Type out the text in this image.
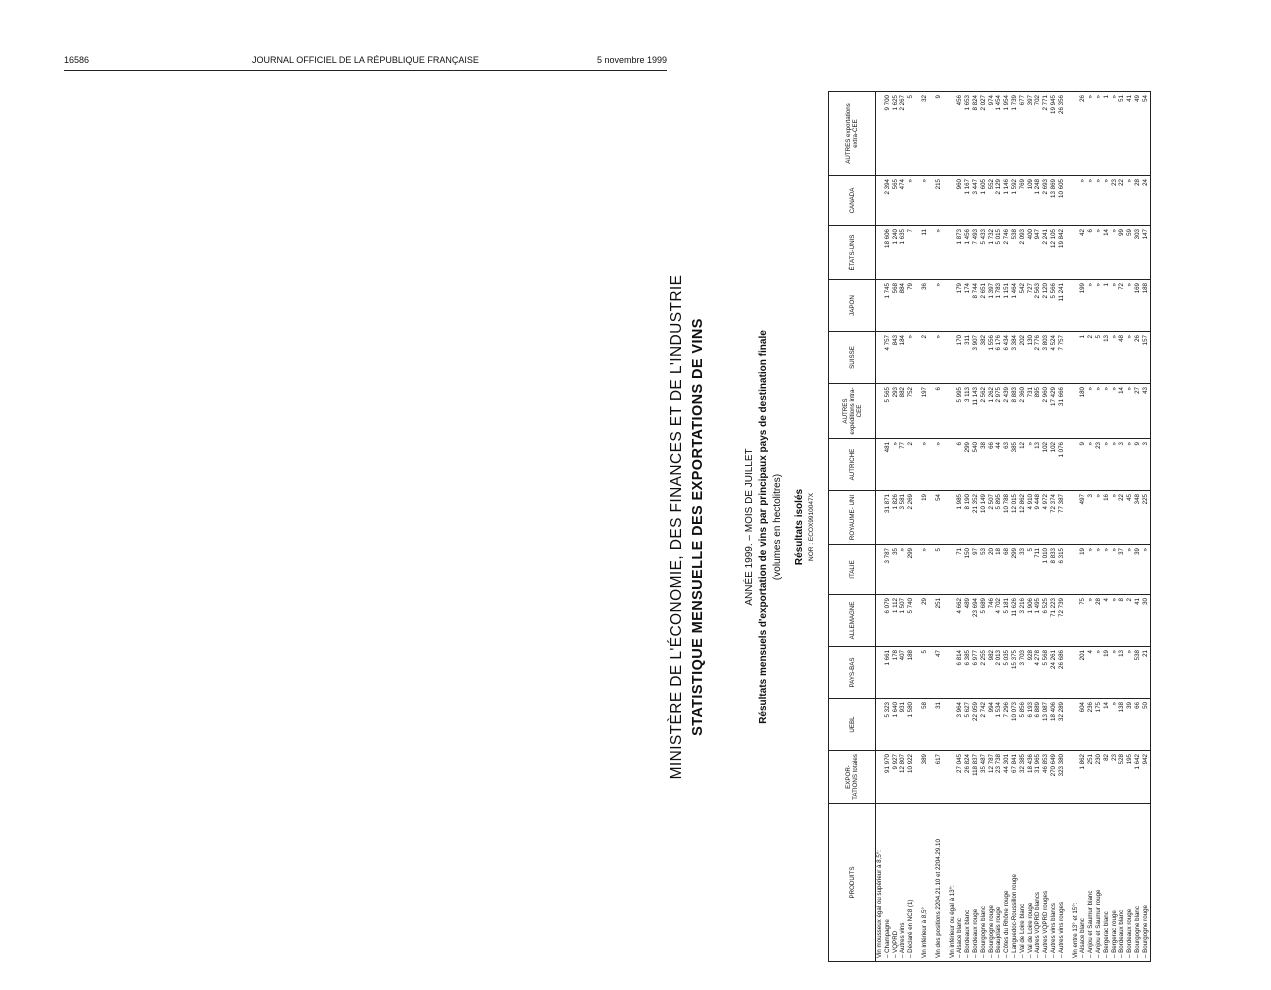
16586	JOURNAL OFFICIEL DE LA RÉPUBLIQUE FRANÇAISE	5 novembre 1999
MINISTÈRE DE L'ÉCONOMIE, DES FINANCES ET DE L'INDUSTRIE STATISTIQUE MENSUELLE DES EXPORTATIONS DE VINS	ANNÉE 1999. – MOIS DE JUILLET Résultats mensuels d'exportation de vins par principaux pays de destination finale (volumes en hectolitres) Résultats isolés NOR : ECOX9910047X
PRODUITS	EXPOR- TATIONS totales	UEBL	PAYS-BAS	ALLEMAGNE	ITALIE	ROYAUME- UNI	AUTRICHE	AUTRES expéditions intra-CEE	SUISSE	JAPON	ÉTATS-UNIS	CANADA	AUTRES exportations extra-CEE
Vin mousseux égal ou supérieur à 8,5°:													
– Champagne	91 970	5 323	1 661	6 079	3 787	31 871	481	5 565	4 757	1 745	18 606	2 394	9 700
– VQPRD	9 927	1 640	178	1 112	35	1 826	»	293	843	568	1 240	565	1 625
– Autres vins	12 807	931	407	1 507	»	3 581	77	882	184	884	1 635	474	2 267
– Déclaré en NC8 (1)	10 922	1 580	188	5 740	299	2 269	2	752	»	79	7	»	5

Vin inférieur à 8,5°	389	58	5	29	»	19	»	197	2	36	11	»	32

Vin des positions 2204.21.10 et 2204.29.10	617	31	47	251	5	54	»	6	»	»	»	215	9

Vin inférieur ou égal à 13°:													
– Alsace blanc	27 045	3 964	6 814	4 662	71	1 985	6	5 995	170	179	1 873	960	456
– Bordeaux blanc	26 824	5 627	6 385	489	150	8 190	299	3 113	311	174	1 456	1 167	1 653
– Bordeaux rouge	118 837	22 059	6 977	23 694	97	21 352	540	11 143	3 907	8 744	7 493	3 447	8 824
– Bourgogne blanc	35 487	2 742	2 255	5 689	53	10 149	38	2 562	382	2 651	5 433	1 605	2 027
– Bourgogne rouge	12 787	994	982	746	20	2 507	66	1 262	1 556	1 397	1 732	552	974
– Beaujolais rouge	23 738	1 534	2 013	4 702	18	5 895	44	2 975	6 176	1 783	5 015	2 129	1 454
– Côtes du Rhône rouge	44 301	7 296	5 035	5 181	68	10 788	63	2 439	6 434	1 151	2 746	1 146	1 954
– Languedoc-Roussillon rouge	67 841	10 073	15 375	11 626	299	12 015	385	8 883	3 384	1 464	538	1 592	1 739
– Val de Loire blanc	32 385	5 856	3 703	3 216	33	12 862	12	2 360	202	542	2 093	769	677
– Val de Loire rouge	18 436	6 193	928	1 906	5	4 910	»	731	130	727	400	109	397
– Autres VQPRD blancs	31 965	6 889	4 278	1 495	711	9 448	13	895	2 776	2 563	947	1 248	702
– Autres VQPRD rouges	46 853	13 087	5 568	6 525	1 010	4 972	102	2 960	3 803	2 120	2 241	2 693	2 771
– Autres vins blancs	270 649	18 406	24 261	71 223	8 833	72 374	102	17 429	4 524	5 566	12 105	13 869	19 945
– Autres vins rouges	323 380	32 289	26 686	72 739	6 315	77 387	1 076	31 666	7 757	11 241	19 842	10 605	26 356

Vin entre 13° et 15°:													
– Alsace blanc	1 862	604	201	75	19	497	9	180	1	199	42	»	26
– Anjou et Saumur blanc	251	236	4	»	»	3	»	»	2	»	6	»	»
– Anjou et Saumur rouge	230	175	»	28	»	»	23	»	5	»	»	»	»
– Bergerac blanc	82	14	19	4	»	16	»	»	13	1	14	»	1
– Bergerac rouge	23	»	»	»	»	»	»	»	»	»	»	23	»
– Bordeaux blanc	528	138	13	8	37	22	3	14	48	72	99	22	51
– Bordeaux rouge	195	39	»	2	»	45	»	»	»	»	59	»	41
– Bourgogne blanc	1 642	66	538	41	39	348	9	27	26	169	303	28	49
– Bourgogne rouge	942	50	21	30	»	225	3	43	157	188	147	24	54
